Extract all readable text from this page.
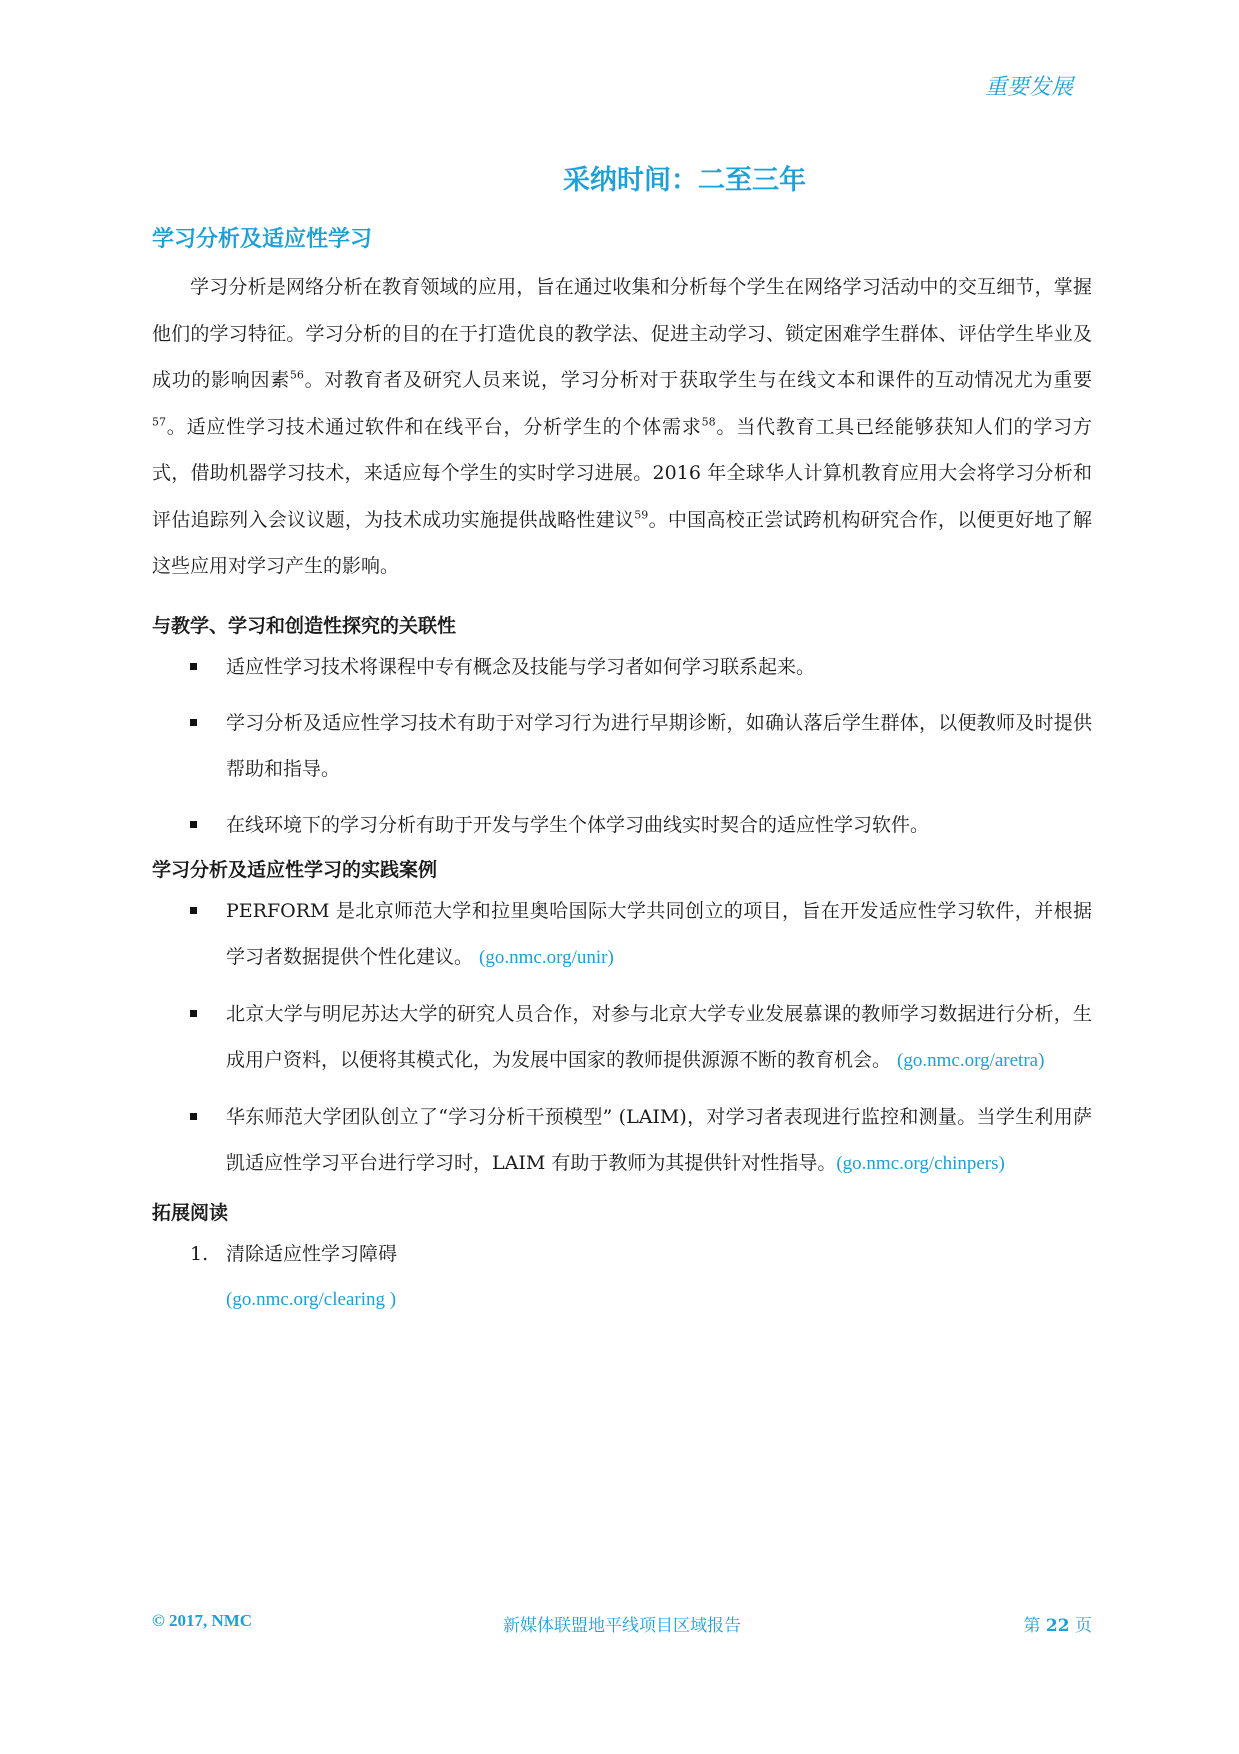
重要发展
采纳时间：二至三年
学习分析及适应性学习

学习分析是网络分析在教育领域的应用，旨在通过收集和分析每个学生在网络学习活动中的交互细节，掌握他们的学习特征。学习分析的目的在于打造优良的教学法、促进主动学习、锁定困难学生群体、评估学生毕业及成功的影响因素$^{56}$。对教育者及研究人员来说，学习分析对于获取学生与在线文本和课件的互动情况尤为重要$^{57}$。适应性学习技术通过软件和在线平台，分析学生的个体需求$^{58}$。当代教育工具已经能够获知人们的学习方式，借助机器学习技术，来适应每个学生的实时学习进展。2016 年全球华人计算机教育应用大会将学习分析和评估追踪列入会议议题，为技术成功实施提供战略性建议$^{59}$。中国高校正尝试跨机构研究合作，以便更好地了解这些应用对学习产生的影响。

与教学、学习和创造性探究的关联性
适应性学习技术将课程中专有概念及技能与学习者如何学习联系起来。
学习分析及适应性学习技术有助于对学习行为进行早期诊断，如确认落后学生群体，以便教师及时提供帮助和指导。
在线环境下的学习分析有助于开发与学生个体学习曲线实时契合的适应性学习软件。
学习分析及适应性学习的实践案例
PERFORM 是北京师范大学和拉里奥哈国际大学共同创立的项目，旨在开发适应性学习软件，并根据学习者数据提供个性化建议。 (go.nmc.org/unir)
北京大学与明尼苏达大学的研究人员合作，对参与北京大学专业发展慕课的教师学习数据进行分析，生成用户资料，以便将其模式化，为发展中国家的教师提供源源不断的教育机会。 (go.nmc.org/aretra)
华东师范大学团队创立了“学习分析干预模型” (LAIM)，对学习者表现进行监控和测量。当学生利用萨凯适应性学习平台进行学习时，LAIM 有助于教师为其提供针对性指导。(go.nmc.org/chinpers)
拓展阅读
1. 清除适应性学习障碍
(go.nmc.org/clearing )
© 2017, NMC	新媒体联盟地平线项目区域报告	第 22 页
